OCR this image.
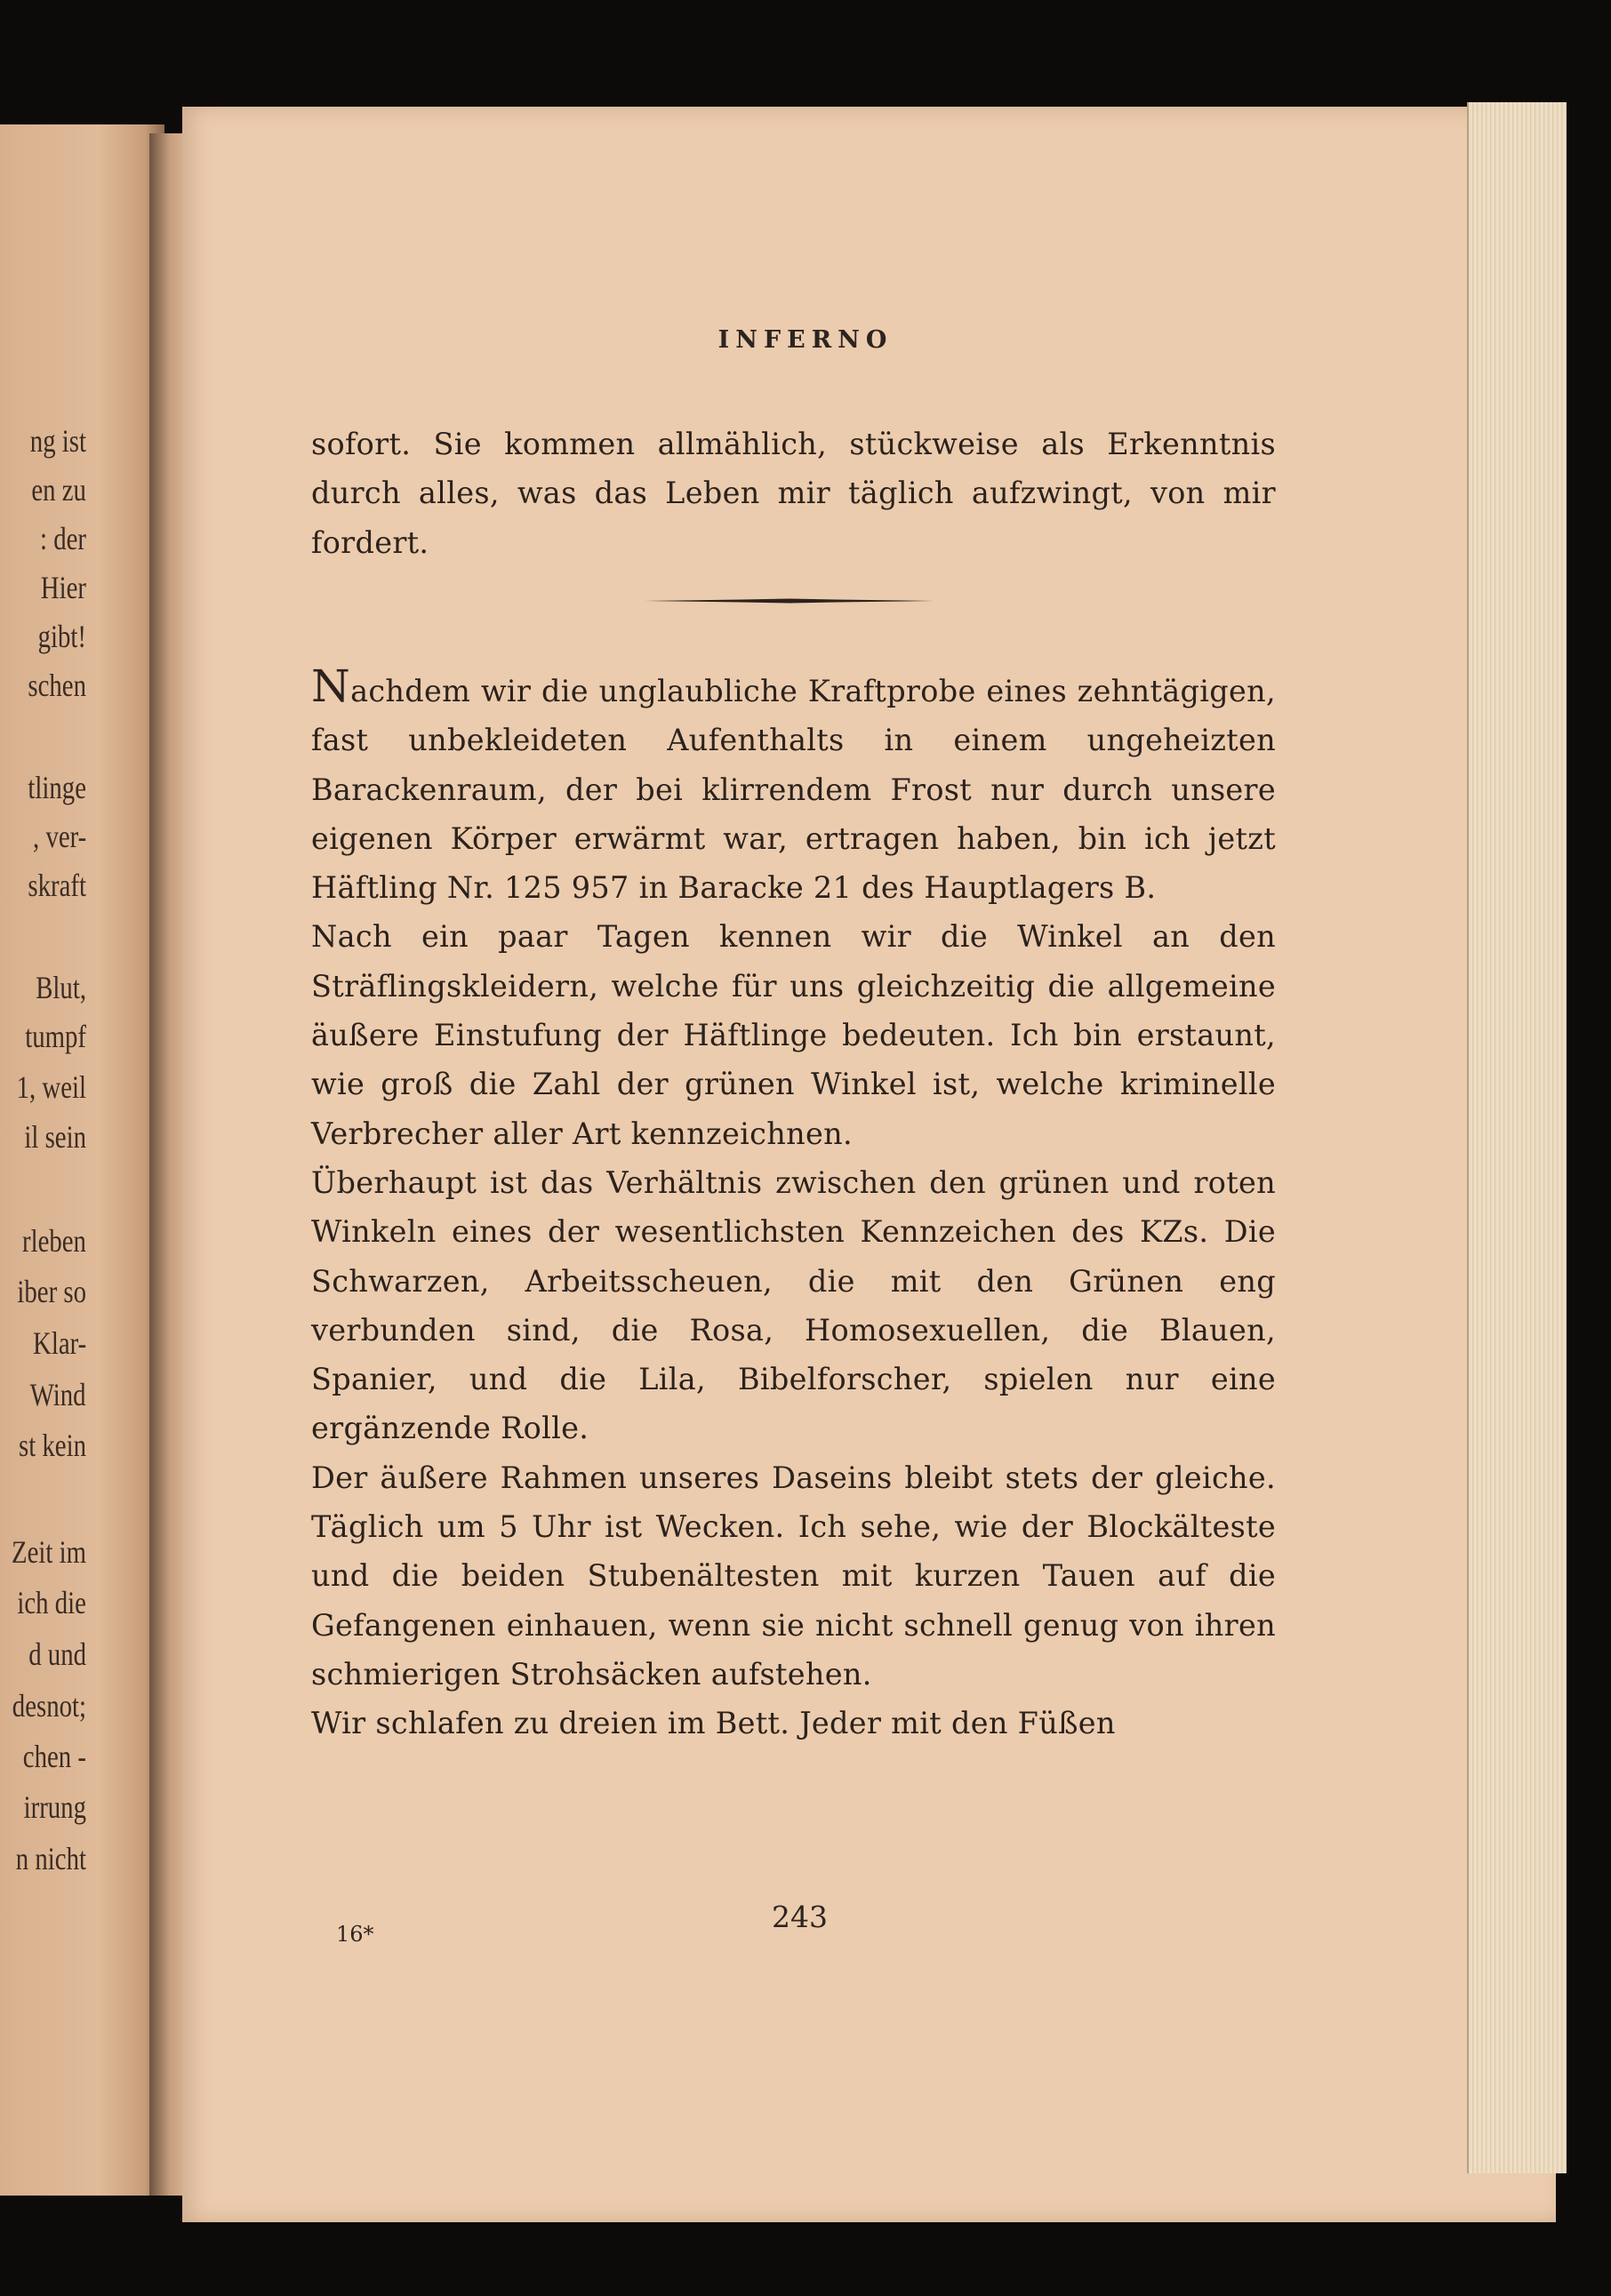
ng ist

en zu

: der

Hier

gibt!

schen

tlinge

, ver-

skraft

Blut,

tumpf

1, weil

il sein

rleben

iber so

Klar-

Wind

st kein

Zeit im

ich die

d und

desnot;

chen -

irrung

n nicht

INFERNO

sofort. Sie kommen allmählich, stückweise als Erkenntnis durch alles, was das Leben mir täglich aufzwingt, von mir fordert.

Nachdem wir die unglaubliche Kraftprobe eines zehntägigen, fast unbekleideten Aufenthalts in einem ungeheizten Barackenraum, der bei klirrendem Frost nur durch unsere eigenen Körper erwärmt war, ertragen haben, bin ich jetzt Häftling Nr. 125 957 in Baracke 21 des Hauptlagers B.

Nach ein paar Tagen kennen wir die Winkel an den Sträflingskleidern, welche für uns gleichzeitig die allgemeine äußere Einstufung der Häftlinge bedeuten. Ich bin erstaunt, wie groß die Zahl der grünen Winkel ist, welche kriminelle Verbrecher aller Art kennzeichnen.

Überhaupt ist das Verhältnis zwischen den grünen und roten Winkeln eines der wesentlichsten Kennzeichen des KZs. Die Schwarzen, Arbeitsscheuen, die mit den Grünen eng verbunden sind, die Rosa, Homosexuellen, die Blauen, Spanier, und die Lila, Bibelforscher, spielen nur eine ergänzende Rolle.

Der äußere Rahmen unseres Daseins bleibt stets der gleiche. Täglich um 5 Uhr ist Wecken. Ich sehe, wie der Blockälteste und die beiden Stubenältesten mit kurzen Tauen auf die Gefangenen einhauen, wenn sie nicht schnell genug von ihren schmierigen Strohsäcken aufstehen.

Wir schlafen zu dreien im Bett. Jeder mit den Füßen

16*	243
